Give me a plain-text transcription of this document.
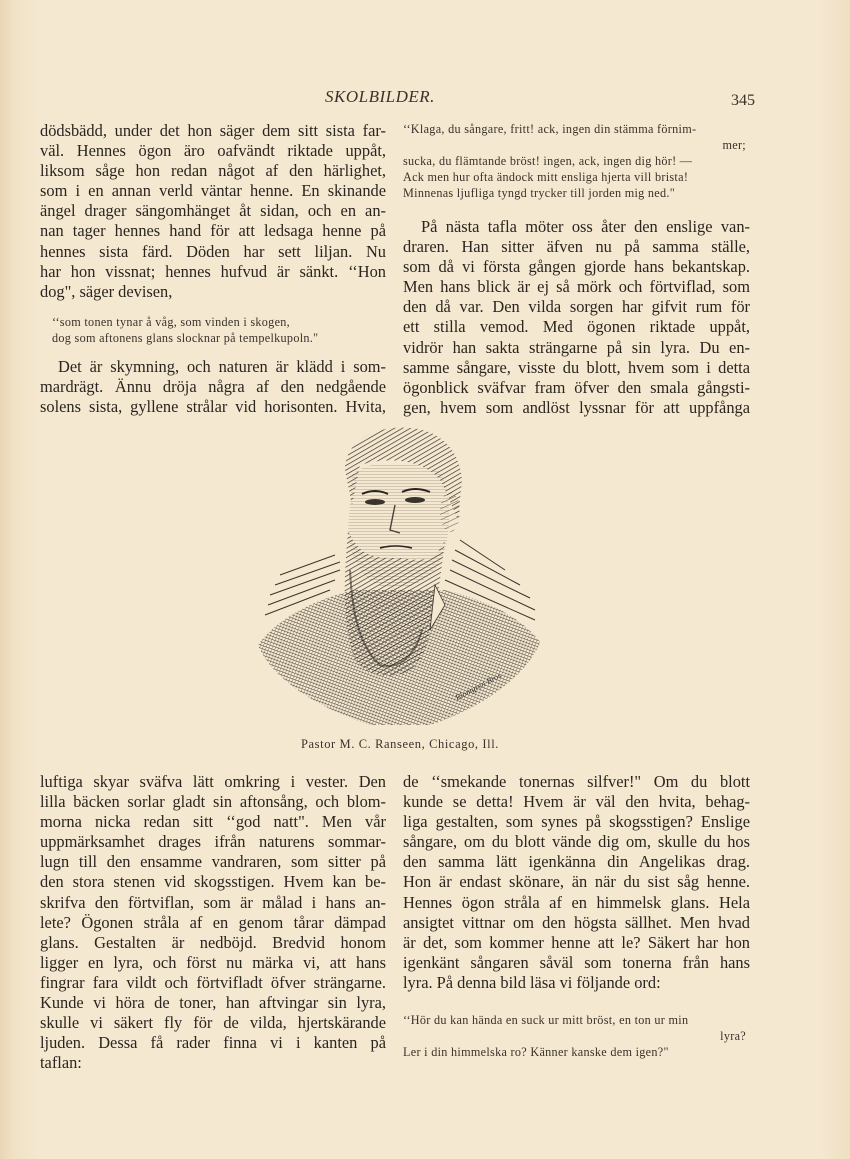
SKOLBILDER.	345

dödsbädd, under det hon säger dem sitt sista far-
väl. Hennes ögon äro oafvändt riktade uppåt,
liksom såge hon redan något af den härlighet,
som i en annan verld väntar henne. En skinande
ängel drager sängomhänget åt sidan, och en an-
nan tager hennes hand för att ledsaga henne på
hennes sista färd. Döden har sett liljan. Nu
har hon vissnat; hennes hufvud är sänkt. ‘‘Hon
dog", säger devisen,

‘‘som tonen tynar å våg, som vinden i skogen,
dog som aftonens glans slocknar på tempelkupoln."

Det är skymning, och naturen är klädd i som-
mardrägt. Ännu dröja några af den nedgående
solens sista, gyllene strålar vid horisonten. Hvita,

‘‘Klaga, du sångare, fritt! ack, ingen din stämma förnim-
mer;
sucka, du flämtande bröst! ingen, ack, ingen dig hör! —
Ack men hur ofta ändock mitt ensliga hjerta vill brista!
Minnenas ljufliga tyngd trycker till jorden mig ned."

På nästa tafla möter oss åter den enslige van-
draren. Han sitter äfven nu på samma ställe,
som då vi första gången gjorde hans bekantskap.
Men hans blick är ej så mörk och förtviflad, som
den då var. Den vilda sorgen har gifvit rum för
ett stilla vemod. Med ögonen riktade uppåt,
vidrör han sakta strängarne på sin lyra. Du en-
samme sångare, visste du blott, hvem som i detta
ögonblick sväfvar fram öfver den smala gångsti-
gen, hvem som andlöst lyssnar för att uppfånga

Blomgren Bros
Pastor M. C. Ranseen, Chicago, Ill.

luftiga skyar sväfva lätt omkring i vester. Den
lilla bäcken sorlar gladt sin aftonsång, och blom-
morna nicka redan sitt ‘‘god natt". Men vår
uppmärksamhet drages ifrån naturens sommar-
lugn till den ensamme vandraren, som sitter på
den stora stenen vid skogsstigen. Hvem kan be-
skrifva den förtviflan, som är målad i hans an-
lete? Ögonen stråla af en genom tårar dämpad
glans. Gestalten är nedböjd. Bredvid honom
ligger en lyra, och först nu märka vi, att hans
fingrar fara vildt och förtvifladt öfver strängarne.
Kunde vi höra de toner, han aftvingar sin lyra,
skulle vi säkert fly för de vilda, hjertskärande
ljuden. Dessa få rader finna vi i kanten på
taflan:

de ‘‘smekande tonernas silfver!" Om du blott
kunde se detta! Hvem är väl den hvita, behag-
liga gestalten, som synes på skogsstigen? Enslige
sångare, om du blott vände dig om, skulle du hos
den samma lätt igenkänna din Angelikas drag.
Hon är endast skönare, än när du sist såg henne.
Hennes ögon stråla af en himmelsk glans. Hela
ansigtet vittnar om den högsta sällhet. Men hvad
är det, som kommer henne att le? Säkert har hon
igenkänt sångaren såväl som tonerna från hans
lyra. På denna bild läsa vi följande ord:

‘‘Hör du kan hända en suck ur mitt bröst, en ton ur min
lyra?
Ler i din himmelska ro? Känner kanske dem igen?"
